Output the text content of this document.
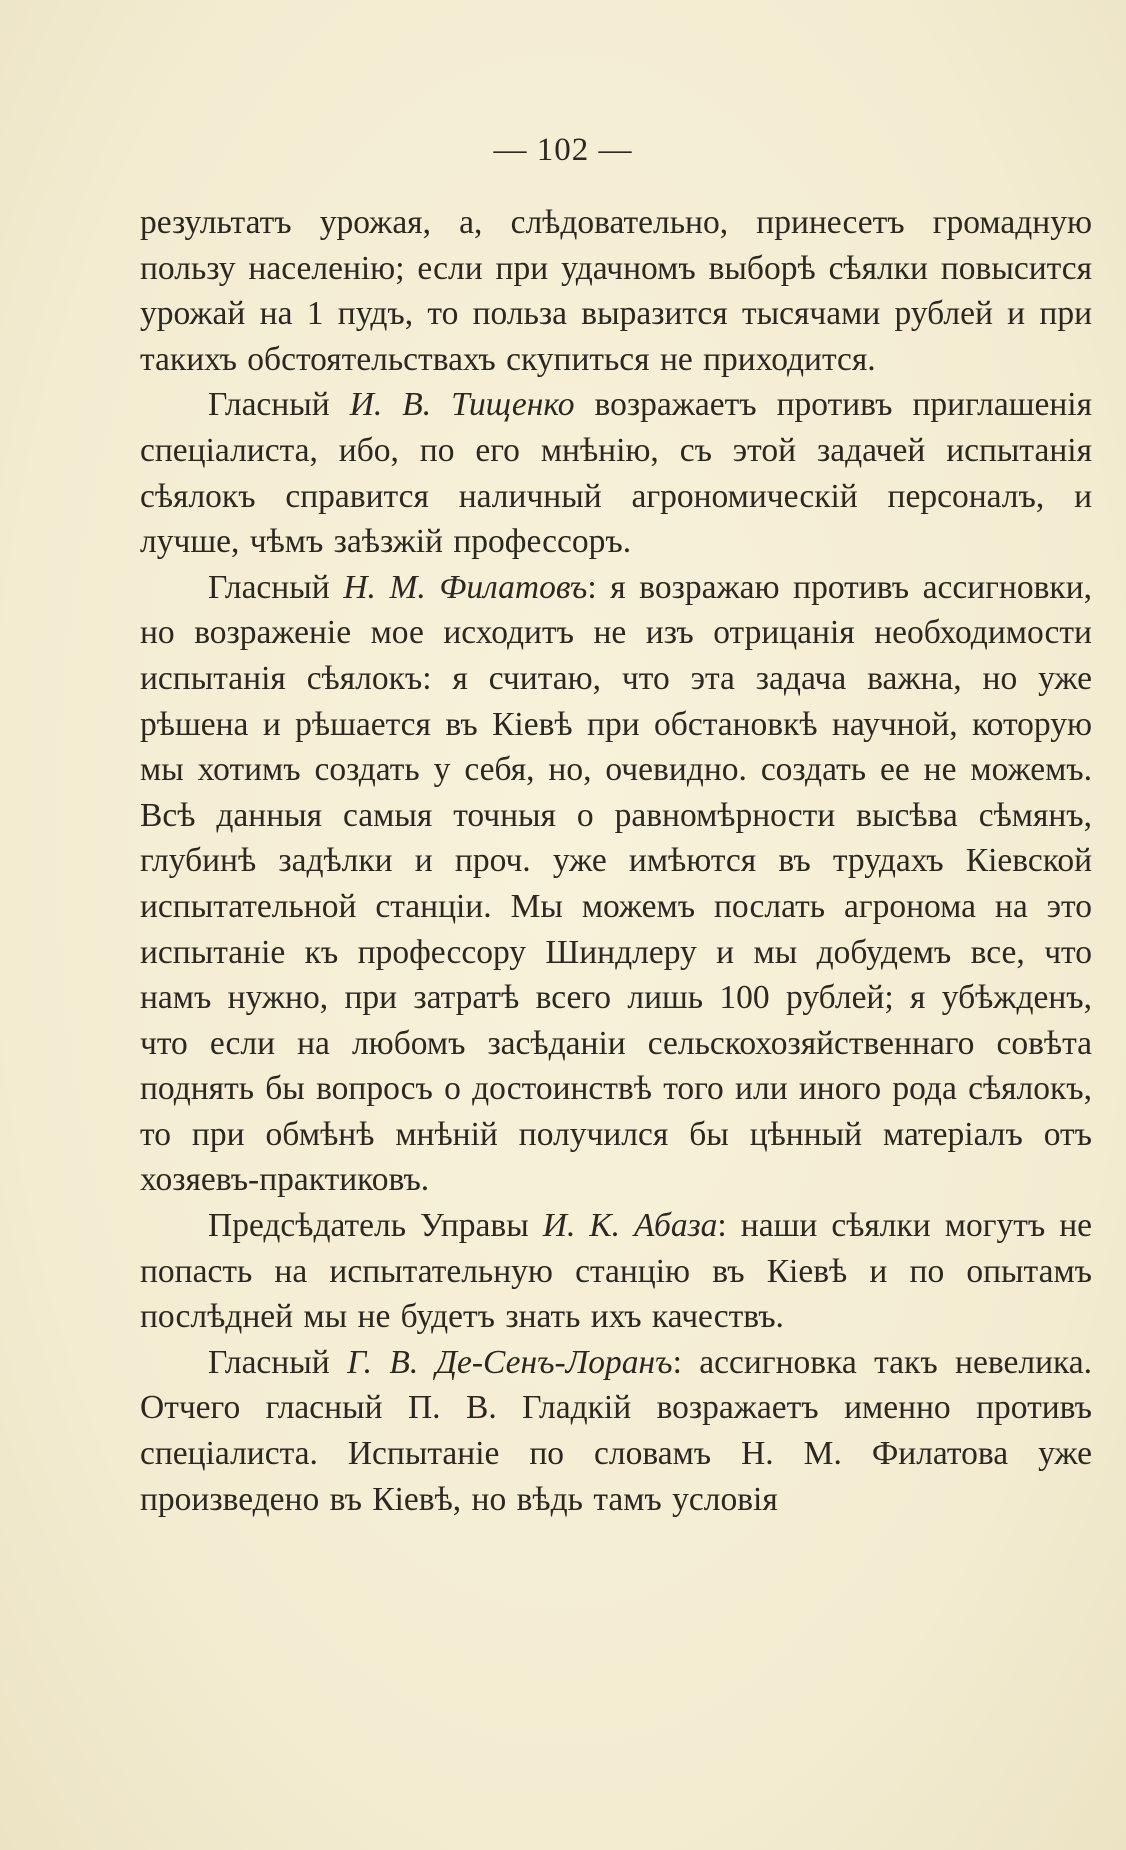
— 102 —

результатъ урожая, а, слѣдовательно, принесетъ громадную пользу населенію; если при удачномъ выборѣ сѣялки повысится урожай на 1 пудъ, то польза выразится тысячами рублей и при такихъ обстоятельствахъ скупиться не приходится.

Гласный И. В. Тищенко возражаетъ противъ приглашенія спеціалиста, ибо, по его мнѣнію, съ этой задачей испытанія сѣялокъ справится наличный агрономическій персоналъ, и лучше, чѣмъ заѣзжій профессоръ.

Гласный Н. М. Филатовъ: я возражаю противъ ассигновки, но возраженіе мое исходитъ не изъ отрицанія необходимости испытанія сѣялокъ: я считаю, что эта задача важна, но уже рѣшена и рѣшается въ Кіевѣ при обстановкѣ научной, которую мы хотимъ создать у себя, но, очевидно. создать ее не можемъ. Всѣ данныя самыя точныя о равномѣрности высѣва сѣмянъ, глубинѣ задѣлки и проч. уже имѣются въ трудахъ Кіевской испытательной станціи. Мы можемъ послать агронома на это испытаніе къ профессору Шиндлеру и мы добудемъ все, что намъ нужно, при затратѣ всего лишь 100 рублей; я убѣжденъ, что если на любомъ засѣданіи сельскохозяйственнаго совѣта поднять бы вопросъ о достоинствѣ того или иного рода сѣялокъ, то при обмѣнѣ мнѣній получился бы цѣнный матеріалъ отъ хозяевъ-практиковъ.

Предсѣдатель Управы И. К. Абаза: наши сѣялки могутъ не попасть на испытательную станцію въ Кіевѣ и по опытамъ послѣдней мы не будетъ знать ихъ качествъ.

Гласный Г. В. Де-Сенъ-Лоранъ: ассигновка такъ невелика. Отчего гласный П. В. Гладкій возражаетъ именно противъ спеціалиста. Испытаніе по словамъ Н. М. Филатова уже произведено въ Кіевѣ, но вѣдь тамъ условія
